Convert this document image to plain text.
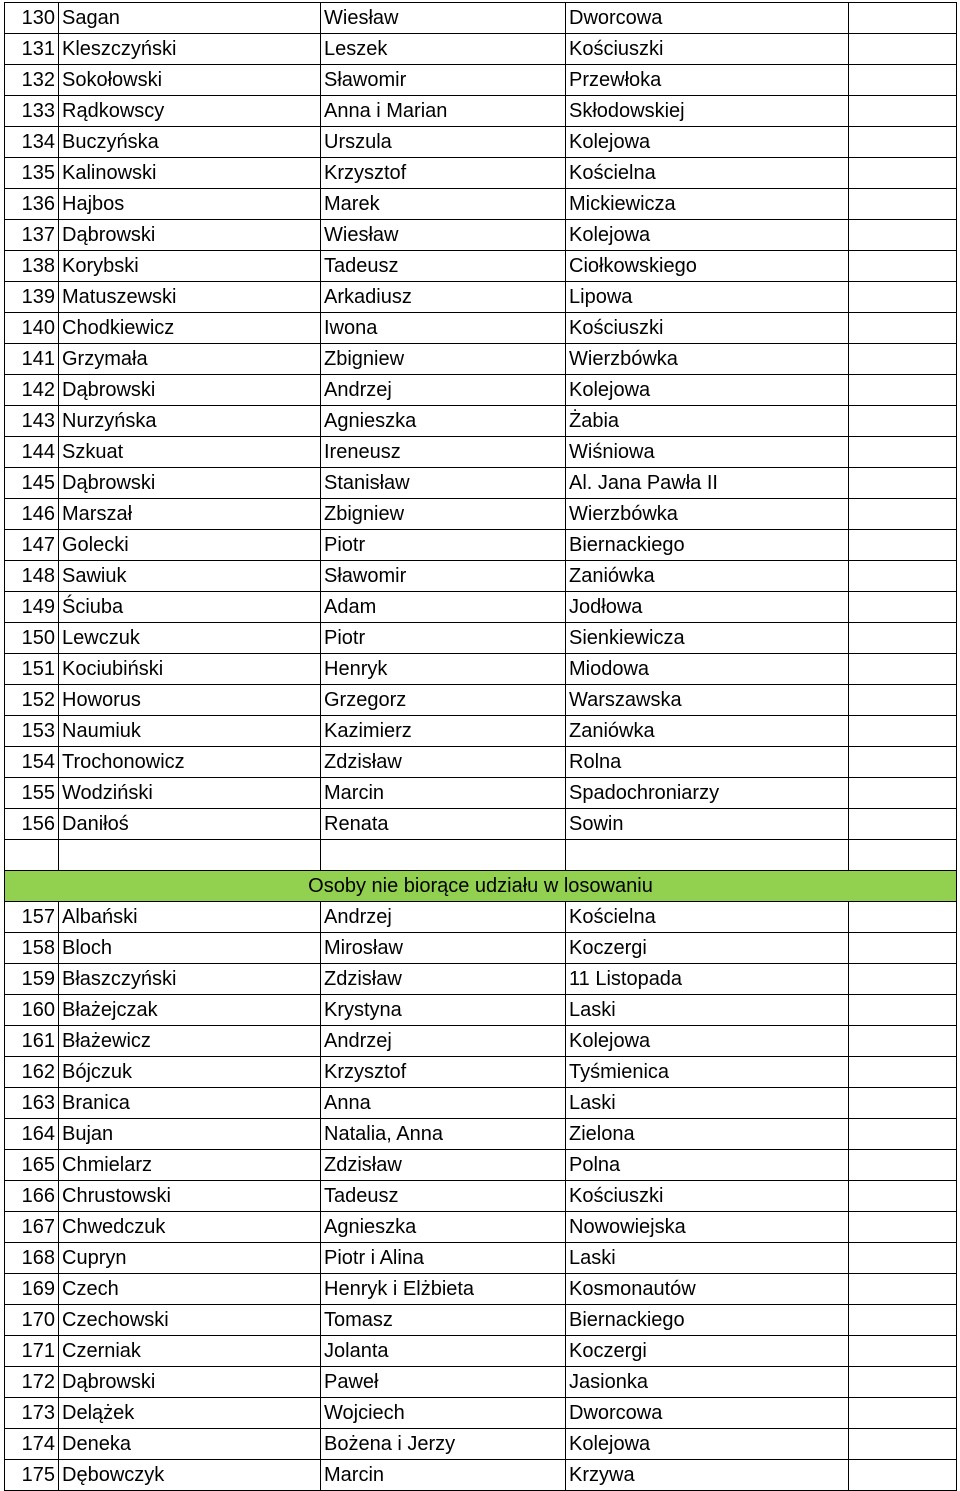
130	Sagan	Wiesław	Dworcowa	
131	Kleszczyński	Leszek	Kościuszki	
132	Sokołowski	Sławomir	Przewłoka	
133	Rądkowscy	Anna i Marian	Skłodowskiej	
134	Buczyńska	Urszula	Kolejowa	
135	Kalinowski	Krzysztof	Kościelna	
136	Hajbos	Marek	Mickiewicza	
137	Dąbrowski	Wiesław	Kolejowa	
138	Korybski	Tadeusz	Ciołkowskiego	
139	Matuszewski	Arkadiusz	Lipowa	
140	Chodkiewicz	Iwona	Kościuszki	
141	Grzymała	Zbigniew	Wierzbówka	
142	Dąbrowski	Andrzej	Kolejowa	
143	Nurzyńska	Agnieszka	Żabia	
144	Szkuat	Ireneusz	Wiśniowa	
145	Dąbrowski	Stanisław	Al. Jana Pawła II	
146	Marszał	Zbigniew	Wierzbówka	
147	Golecki	Piotr	Biernackiego	
148	Sawiuk	Sławomir	Zaniówka	
149	Ściuba	Adam	Jodłowa	
150	Lewczuk	Piotr	Sienkiewicza	
151	Kociubiński	Henryk	Miodowa	
152	Howorus	Grzegorz	Warszawska	
153	Naumiuk	Kazimierz	Zaniówka	
154	Trochonowicz	Zdzisław	Rolna	
155	Wodziński	Marcin	Spadochroniarzy	
156	Daniłoś	Renata	Sowin	

Osoby nie biorące udziału w losowaniu				
157	Albański	Andrzej	Kościelna	
158	Bloch	Mirosław	Koczergi	
159	Błaszczyński	Zdzisław	11 Listopada	
160	Błażejczak	Krystyna	Laski	
161	Błażewicz	Andrzej	Kolejowa	
162	Bójczuk	Krzysztof	Tyśmienica	
163	Branica	Anna	Laski	
164	Bujan	Natalia, Anna	Zielona	
165	Chmielarz	Zdzisław	Polna	
166	Chrustowski	Tadeusz	Kościuszki	
167	Chwedczuk	Agnieszka	Nowowiejska	
168	Cupryn	Piotr i Alina	Laski	
169	Czech	Henryk i Elżbieta	Kosmonautów	
170	Czechowski	Tomasz	Biernackiego	
171	Czerniak	Jolanta	Koczergi	
172	Dąbrowski	Paweł	Jasionka	
173	Delążek	Wojciech	Dworcowa	
174	Deneka	Bożena i Jerzy	Kolejowa	
175	Dębowczyk	Marcin	Krzywa	
